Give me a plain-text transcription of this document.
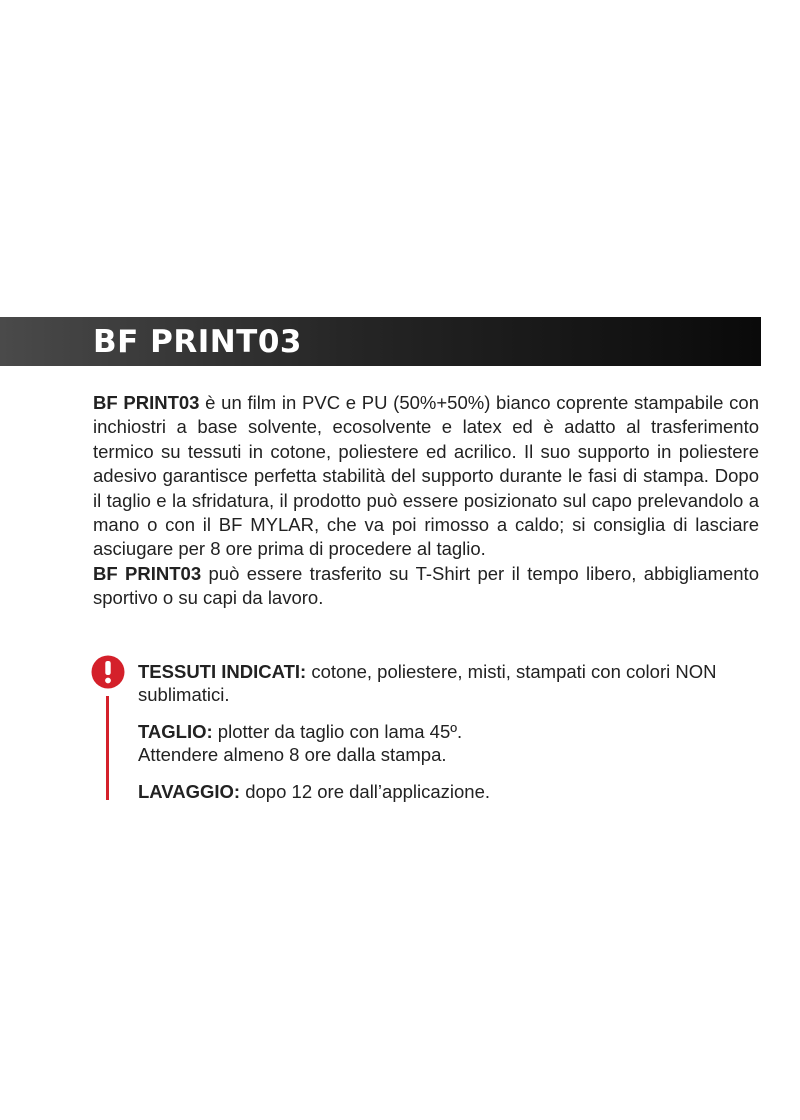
BF PRINT03

BF PRINT03 è un film in PVC e PU (50%+50%) bianco coprente stampabile con inchiostri a base solvente, ecosolvente e latex ed è adatto al trasferimento termico su tessuti in cotone, poliestere ed acrilico. Il suo supporto in poliestere adesivo garantisce perfetta stabilità del supporto durante le fasi di stampa. Dopo il taglio e la sfridatura, il prodotto può essere posizionato sul capo prelevandolo a mano o con il BF MYLAR, che va poi rimosso a caldo; si consiglia di lasciare asciugare per 8 ore prima di procedere al taglio.

BF PRINT03 può essere trasferito su T-Shirt per il tempo libero, abbigliamento sportivo o su capi da lavoro.

TESSUTI INDICATI: cotone, poliestere, misti, stampati con colori NON sublimatici.

TAGLIO: plotter da taglio con lama 45º.
Attendere almeno 8 ore dalla stampa.

LAVAGGIO: dopo 12 ore dall’applicazione.
